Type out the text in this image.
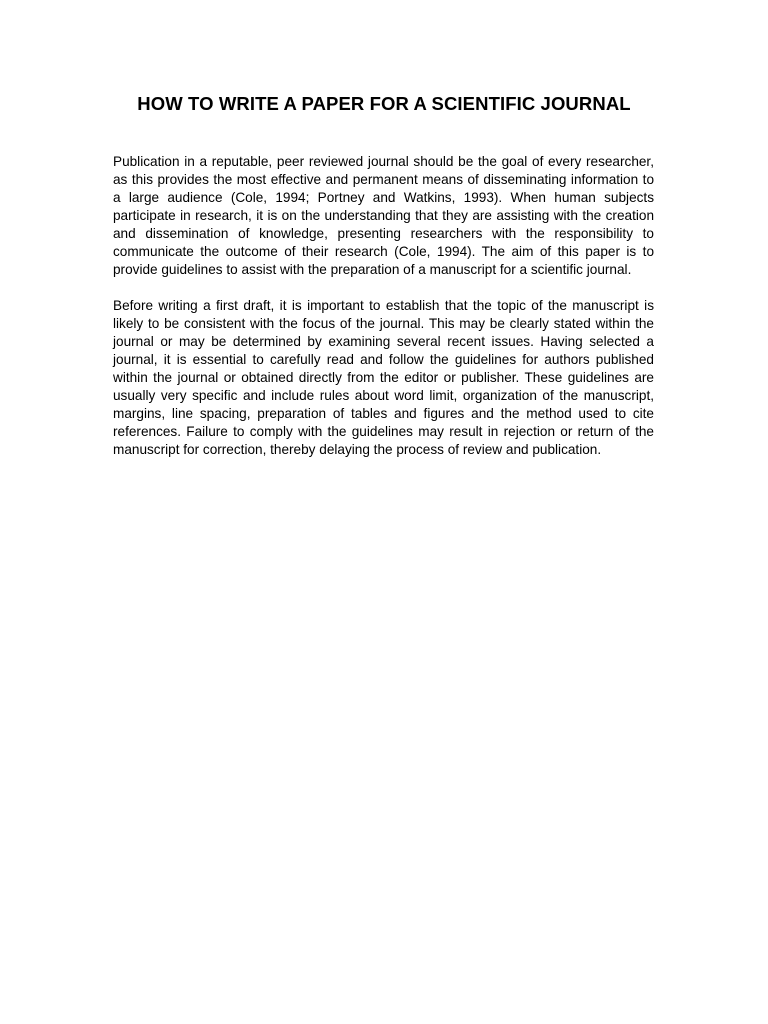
HOW TO WRITE A PAPER FOR A SCIENTIFIC JOURNAL

Publication in a reputable, peer reviewed journal should be the goal of every researcher, as this provides the most effective and permanent means of disseminating information to a large audience (Cole, 1994; Portney and Watkins, 1993). When human subjects participate in research, it is on the understanding that they are assisting with the creation and dissemination of knowledge, presenting researchers with the responsibility to communicate the outcome of their research (Cole, 1994). The aim of this paper is to provide guidelines to assist with the preparation of a manuscript for a scientific journal.

Before writing a first draft, it is important to establish that the topic of the manuscript is likely to be consistent with the focus of the journal. This may be clearly stated within the journal or may be determined by examining several recent issues. Having selected a journal, it is essential to carefully read and follow the guidelines for authors published within the journal or obtained directly from the editor or publisher. These guidelines are usually very specific and include rules about word limit, organization of the manuscript, margins, line spacing, preparation of tables and figures and the method used to cite references. Failure to comply with the guidelines may result in rejection or return of the manuscript for correction, thereby delaying the process of review and publication.
